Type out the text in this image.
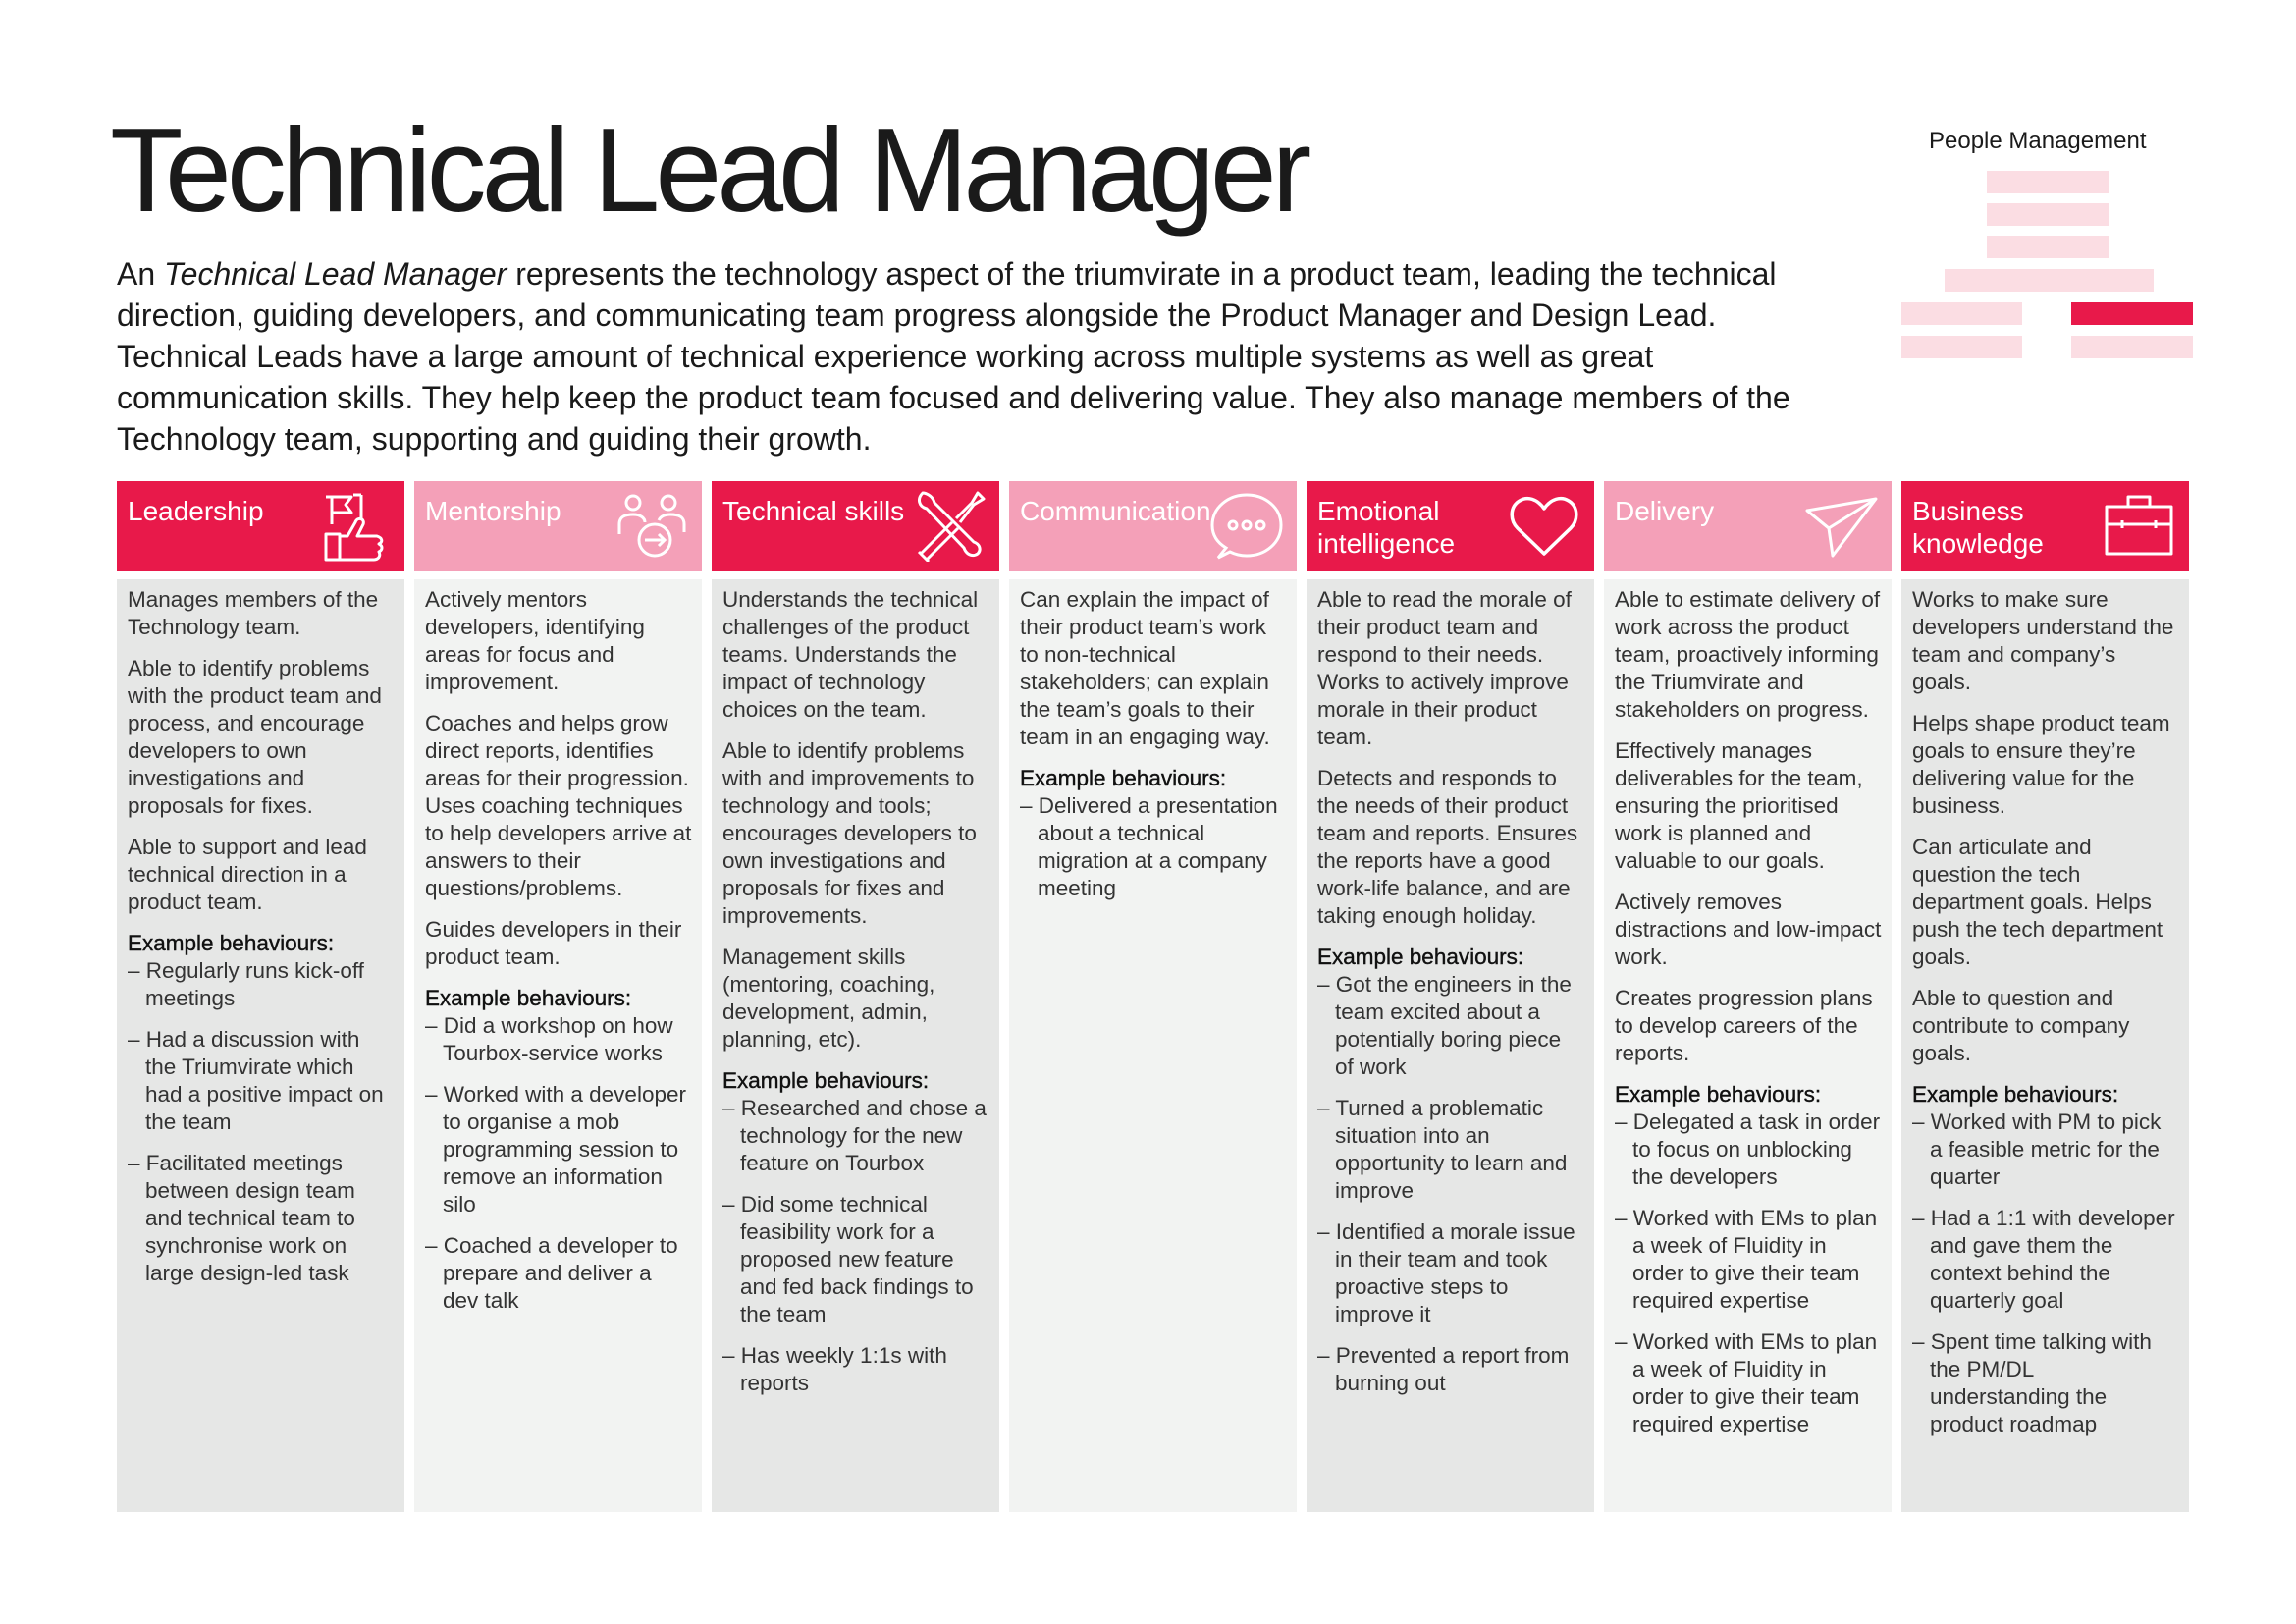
Technical Lead Manager

An Technical Lead Manager represents the technology aspect of the triumvirate in a product team, leading the technical direction, guiding developers, and communicating team progress alongside the Product Manager and Design Lead. Technical Leads have a large amount of technical experience working across multiple systems as well as great communication skills. They help keep the product team focused and delivering value. They also manage members of the Technology team, supporting and guiding their growth.

People Management
Leadership

Manages members of the Technology team.

Able to identify problems with the product team and process, and encourage developers to own investigations and proposals for fixes.

Able to support and lead technical direction in a product team.

Example behaviours:
– Regularly runs kick-off meetings
– Had a discussion with the Triumvirate which had a positive impact on the team
– Facilitated meetings between design team and technical team to synchronise work on large design-led task
Mentorship

Actively mentors developers, identifying areas for focus and improvement.

Coaches and helps grow direct reports, identifies areas for their progression. Uses coaching techniques to help developers arrive at answers to their questions/problems.

Guides developers in their product team.

Example behaviours:
– Did a workshop on how Tourbox-service works
– Worked with a developer to organise a mob programming session to remove an information silo
– Coached a developer to prepare and deliver a dev talk
Technical skills

Understands the technical challenges of the product teams. Understands the impact of technology choices on the team.

Able to identify problems with and improvements to technology and tools; encourages developers to own investigations and proposals for fixes and improvements.

Management skills (mentoring, coaching, development, admin, planning, etc).

Example behaviours:
– Researched and chose a technology for the new feature on Tourbox
– Did some technical feasibility work for a proposed new feature and fed back findings to the team
– Has weekly 1:1s with reports
Communication

Can explain the impact of their product team’s work to non-technical stakeholders; can explain the team’s goals to their team in an engaging way.

Example behaviours:
– Delivered a presentation about a technical migration at a company meeting
Emotional intelligence

Able to read the morale of their product team and respond to their needs. Works to actively improve morale in their product team.

Detects and responds to the needs of their product team and reports. Ensures the reports have a good work-life balance, and are taking enough holiday.

Example behaviours:
– Got the engineers in the team excited about a potentially boring piece of work
– Turned a problematic situation into an opportunity to learn and improve
– Identified a morale issue in their team and took proactive steps to improve it
– Prevented a report from burning out
Delivery

Able to estimate delivery of work across the product team, proactively informing the Triumvirate and stakeholders on progress.

Effectively manages deliverables for the team, ensuring the prioritised work is planned and valuable to our goals.

Actively removes distractions and low-impact work.

Creates progression plans to develop careers of the reports.

Example behaviours:
– Delegated a task in order to focus on unblocking the developers
– Worked with EMs to plan a week of Fluidity in order to give their team required expertise
– Worked with EMs to plan a week of Fluidity in order to give their team required expertise
Business knowledge

Works to make sure developers understand the team and company’s goals.

Helps shape product team goals to ensure they’re delivering value for the business.

Can articulate and question the tech department goals. Helps push the tech department goals.

Able to question and contribute to company goals.

Example behaviours:
– Worked with PM to pick a feasible metric for the quarter
– Had a 1:1 with developer and gave them the context behind the quarterly goal
– Spent time talking with the PM/DL understanding the product roadmap
